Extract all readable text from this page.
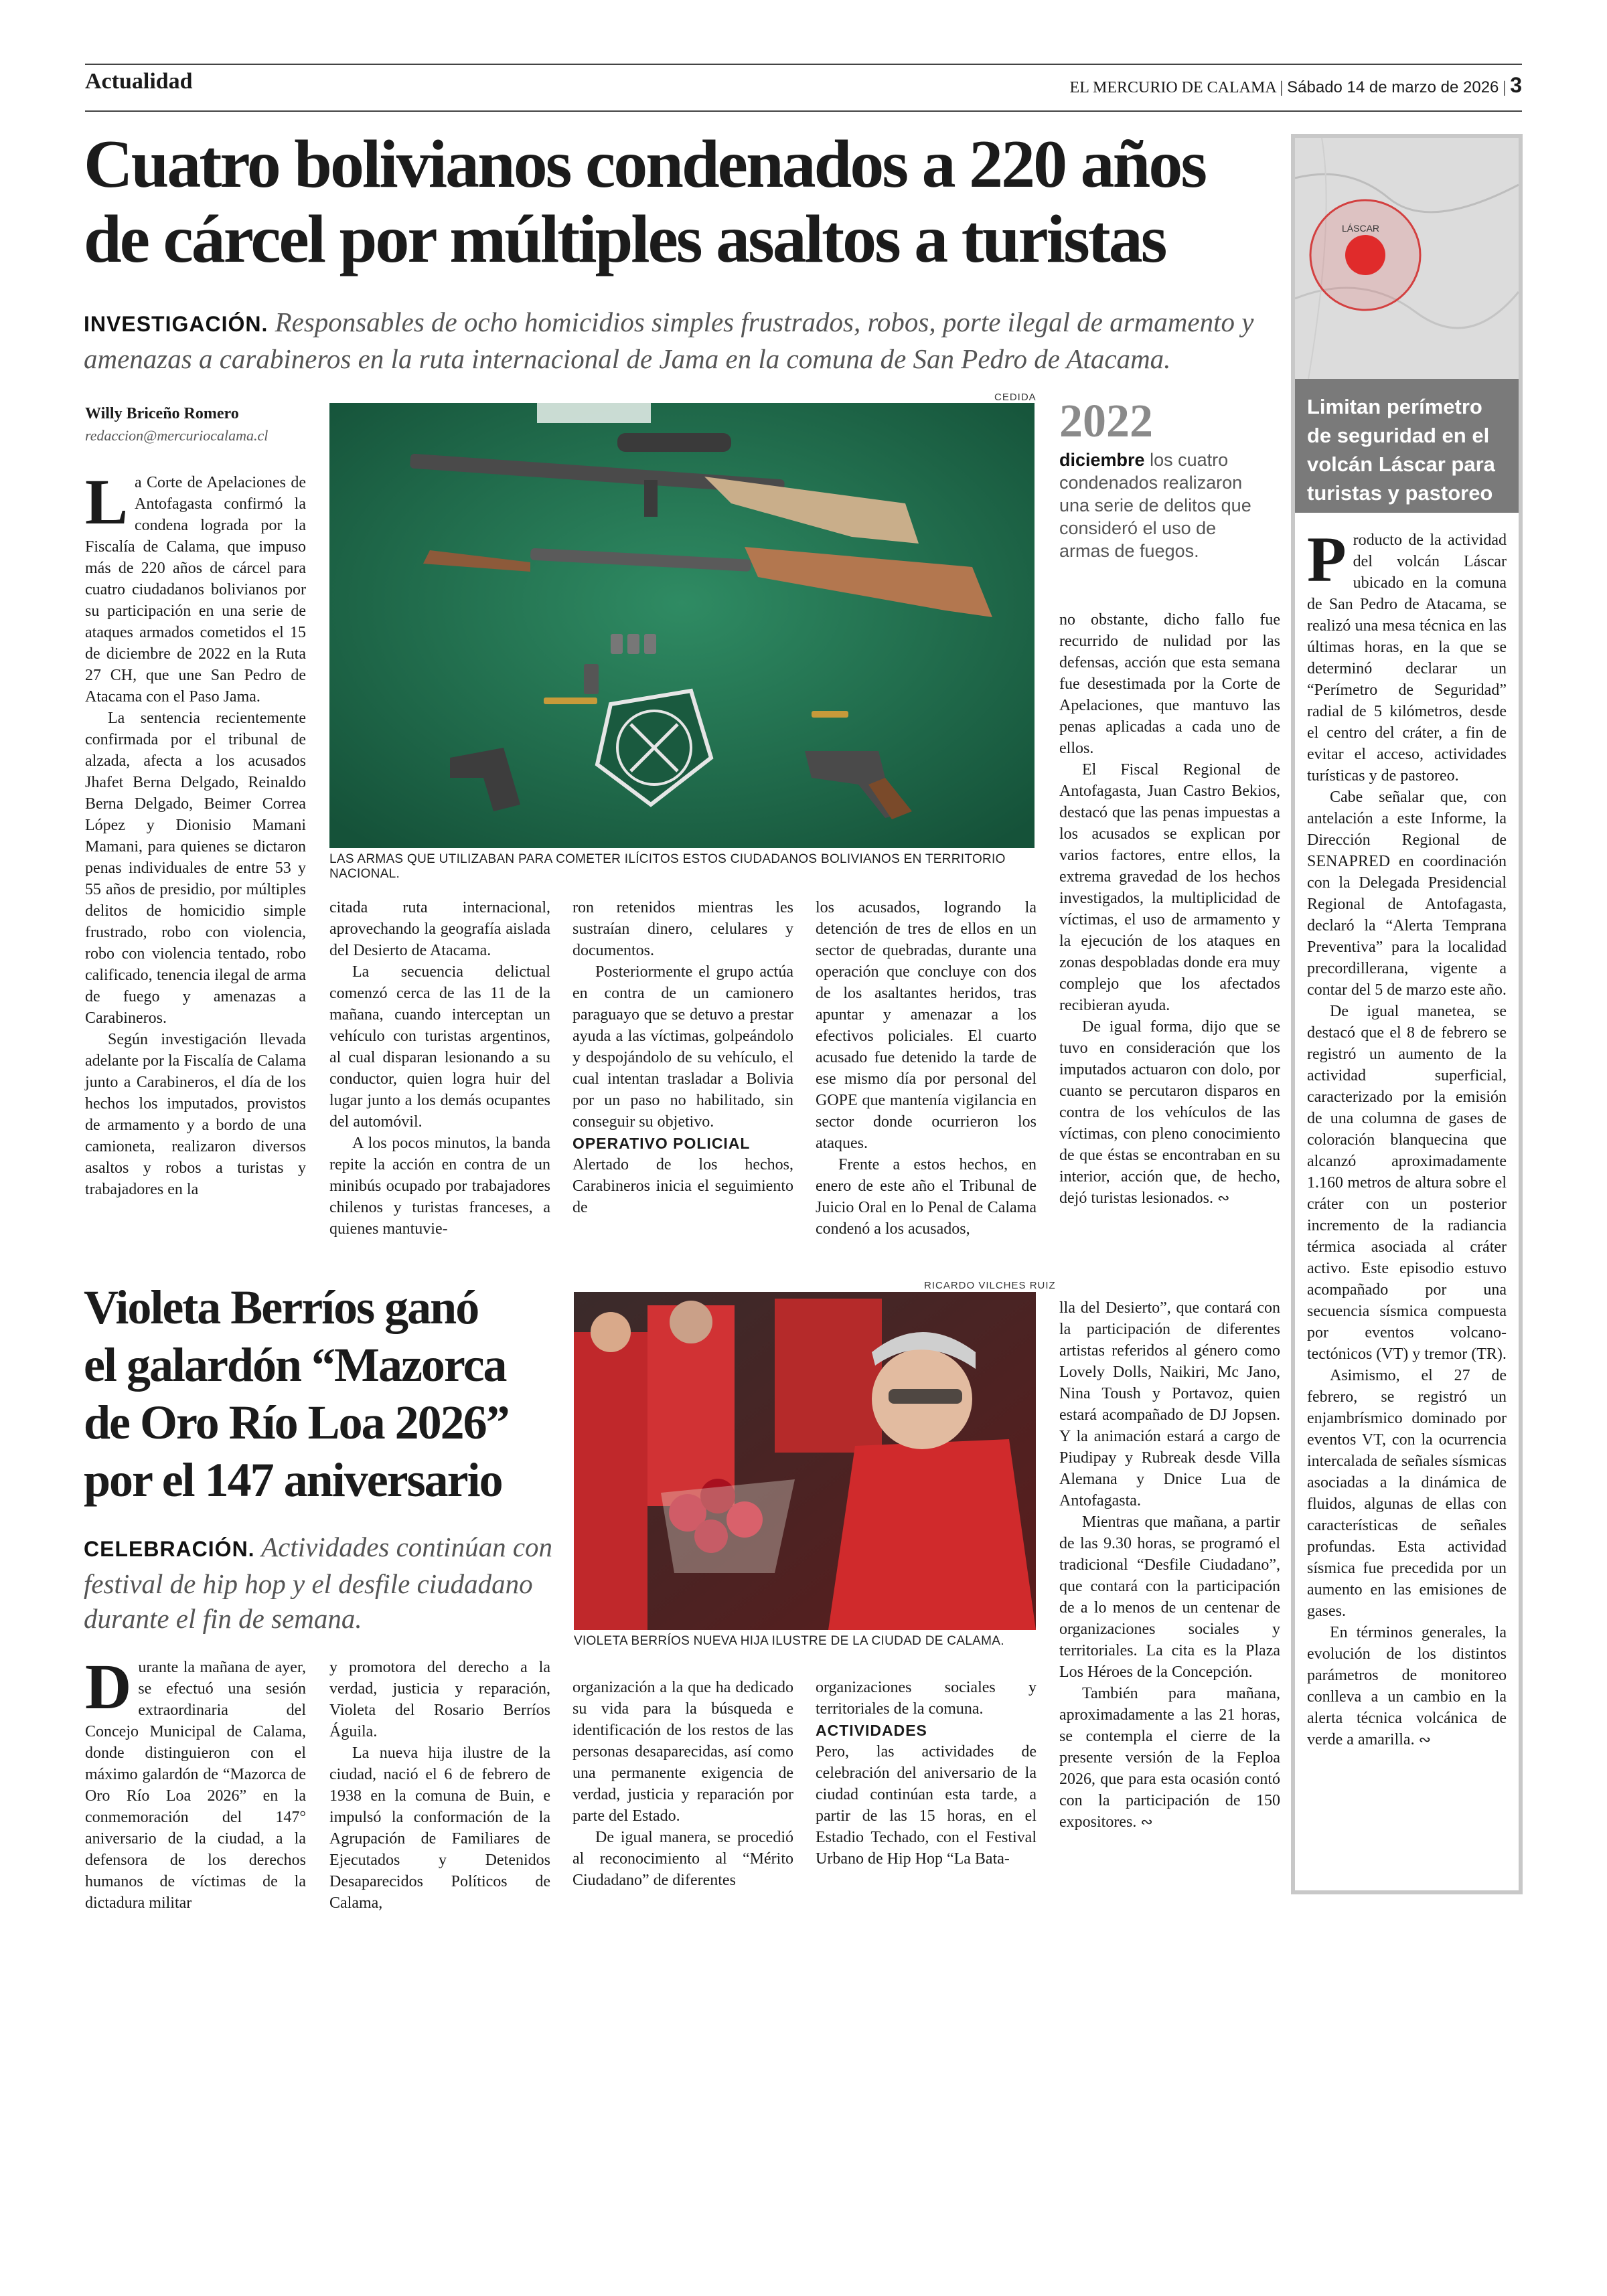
Actualidad	EL MERCURIO DE CALAMA | Sábado 14 de marzo de 2026 | 3
Cuatro bolivianos condenados a 220 años
de cárcel por múltiples asaltos a turistas
INVESTIGACIÓN. Responsables de ocho homicidios simples frustrados, robos, porte ilegal de armamento y amenazas a carabineros en la ruta internacional de Jama en la comuna de San Pedro de Atacama.
Willy Briceño Romero
redaccion@mercuriocalama.cl
CEDIDA
LAS ARMAS QUE UTILIZABAN PARA COMETER ILÍCITOS ESTOS CIUDADANOS BOLIVIANOS EN TERRITORIO NACIONAL.
2022
diciembre los cuatro condenados realizaron una serie de delitos que consideró el uso de armas de fuegos.

La Corte de Apelaciones de Antofagasta confirmó la condena lograda por la Fiscalía de Calama, que impuso más de 220 años de cárcel para cuatro ciudadanos bolivianos por su participación en una serie de ataques armados cometidos el 15 de diciembre de 2022 en la Ruta 27 CH, que une San Pedro de Atacama con el Paso Jama.

La sentencia recientemente confirmada por el tribunal de alzada, afecta a los acusados Jhafet Berna Delgado, Reinaldo Berna Delgado, Beimer Correa López y Dionisio Mamani Mamani, para quienes se dictaron penas individuales de entre 53 y 55 años de presidio, por múltiples delitos de homicidio simple frustrado, robo con violencia, robo con violencia tentado, robo calificado, tenencia ilegal de arma de fuego y amenazas a Carabineros.

Según investigación llevada adelante por la Fiscalía de Calama junto a Carabineros, el día de los hechos los imputados, provistos de armamento y a bordo de una camioneta, realizaron diversos asaltos y robos a turistas y trabajadores en la

citada ruta internacional, aprovechando la geografía aislada del Desierto de Atacama.

La secuencia delictual comenzó cerca de las 11 de la mañana, cuando interceptan un vehículo con turistas argentinos, al cual disparan lesionando a su conductor, quien logra huir del lugar junto a los demás ocupantes del automóvil.

A los pocos minutos, la banda repite la acción en contra de un minibús ocupado por trabajadores chilenos y turistas franceses, a quienes mantuvie-

ron retenidos mientras les sustraían dinero, celulares y documentos.

Posteriormente el grupo actúa en contra de un camionero paraguayo que se detuvo a prestar ayuda a las víctimas, golpeándolo y despojándolo de su vehículo, el cual intentan trasladar a Bolivia por un paso no habilitado, sin conseguir su objetivo.

OPERATIVO POLICIAL

Alertado de los hechos, Carabineros inicia el seguimiento de

los acusados, logrando la detención de tres de ellos en un sector de quebradas, durante una operación que concluye con dos de los asaltantes heridos, tras apuntar y amenazar a los efectivos policiales. El cuarto acusado fue detenido la tarde de ese mismo día por personal del GOPE que mantenía vigilancia en sector donde ocurrieron los ataques.

Frente a estos hechos, en enero de este año el Tribunal de Juicio Oral en lo Penal de Calama condenó a los acusados,

no obstante, dicho fallo fue recurrido de nulidad por las defensas, acción que esta semana fue desestimada por la Corte de Apelaciones, que mantuvo las penas aplicadas a cada uno de ellos.

El Fiscal Regional de Antofagasta, Juan Castro Bekios, destacó que las penas impuestas a los acusados se explican por varios factores, entre ellos, la extrema gravedad de los hechos investigados, la multiplicidad de víctimas, el uso de armamento y la ejecución de los ataques en zonas despobladas donde era muy complejo que los afectados recibieran ayuda.

De igual forma, dijo que se tuvo en consideración que los imputados actuaron con dolo, por cuanto se percutaron disparos en contra de los vehículos de las víctimas, con pleno conocimiento de que éstas se encontraban en su interior, acción que, de hecho, dejó turistas lesionados. ∾

LÁSCAR
Limitan perímetro de seguridad en el volcán Láscar para turistas y pastoreo

Producto de la actividad del volcán Láscar ubicado en la comuna de San Pedro de Atacama, se realizó una mesa técnica en las últimas horas, en la que se determinó declarar un “Perímetro de Seguridad” radial de 5 kilómetros, desde el centro del cráter, a fin de evitar el acceso, actividades turísticas y de pastoreo.

Cabe señalar que, con antelación a este Informe, la Dirección Regional de SENAPRED en coordinación con la Delegada Presidencial Regional de Antofagasta, declaró la “Alerta Temprana Preventiva” para la localidad precordillerana, vigente a contar del 5 de marzo este año.

De igual manetea, se destacó que el 8 de febrero se registró un aumento de la actividad superficial, caracterizado por la emisión de una columna de gases de coloración blanquecina que alcanzó aproximadamente 1.160 metros de altura sobre el cráter con un posterior incremento de la radiancia térmica asociada al cráter activo. Este episodio estuvo acompañado por una secuencia sísmica compuesta por eventos volcano-tectónicos (VT) y tremor (TR).

Asimismo, el 27 de febrero, se registró un enjambrísmico dominado por eventos VT, con la ocurrencia intercalada de señales sísmicas asociadas a la dinámica de fluidos, algunas de ellas con características de señales profundas. Esta actividad sísmica fue precedida por un aumento en las emisiones de gases.

En términos generales, la evolución de los distintos parámetros de monitoreo conlleva a un cambio en la alerta técnica volcánica de verde a amarilla. ∾

Violeta Berríos ganó
el galardón “Mazorca
de Oro Río Loa 2026”
por el 147 aniversario
CELEBRACIÓN. Actividades continúan con festival de hip hop y el desfile ciudadano durante el fin de semana.
RICARDO VILCHES RUIZ
VIOLETA BERRÍOS NUEVA HIJA ILUSTRE DE LA CIUDAD DE CALAMA.

Durante la mañana de ayer, se efectuó una sesión extraordinaria del Concejo Municipal de Calama, donde distinguieron con el máximo galardón de “Mazorca de Oro Río Loa 2026” en la conmemoración del 147° aniversario de la ciudad, a la defensora de los derechos humanos de víctimas de la dictadura militar

y promotora del derecho a la verdad, justicia y reparación, Violeta del Rosario Berríos Águila.

La nueva hija ilustre de la ciudad, nació el 6 de febrero de 1938 en la comuna de Buin, e impulsó la conformación de la Agrupación de Familiares de Ejecutados y Detenidos Desaparecidos Políticos de Calama,

organización a la que ha dedicado su vida para la búsqueda e identificación de los restos de las personas desaparecidas, así como una permanente exigencia de verdad, justicia y reparación por parte del Estado.

De igual manera, se procedió al reconocimiento al “Mérito Ciudadano” de diferentes

organizaciones sociales y territoriales de la comuna.

ACTIVIDADES

Pero, las actividades de celebración del aniversario de la ciudad continúan esta tarde, a partir de las 15 horas, en el Estadio Techado, con el Festival Urbano de Hip Hop “La Bata-

lla del Desierto”, que contará con la participación de diferentes artistas referidos al género como Lovely Dolls, Naikiri, Mc Jano, Nina Toush y Portavoz, quien estará acompañado de DJ Jopsen. Y la animación estará a cargo de Piudipay y Rubreak desde Villa Alemana y Dnice Lua de Antofagasta.

Mientras que mañana, a partir de las 9.30 horas, se programó el tradicional “Desfile Ciudadano”, que contará con la participación de a lo menos de un centenar de organizaciones sociales y territoriales. La cita es la Plaza Los Héroes de la Concepción.

También para mañana, aproximadamente a las 21 horas, se contempla el cierre de la presente versión de la Feploa 2026, que para esta ocasión contó con la participación de 150 expositores. ∾
